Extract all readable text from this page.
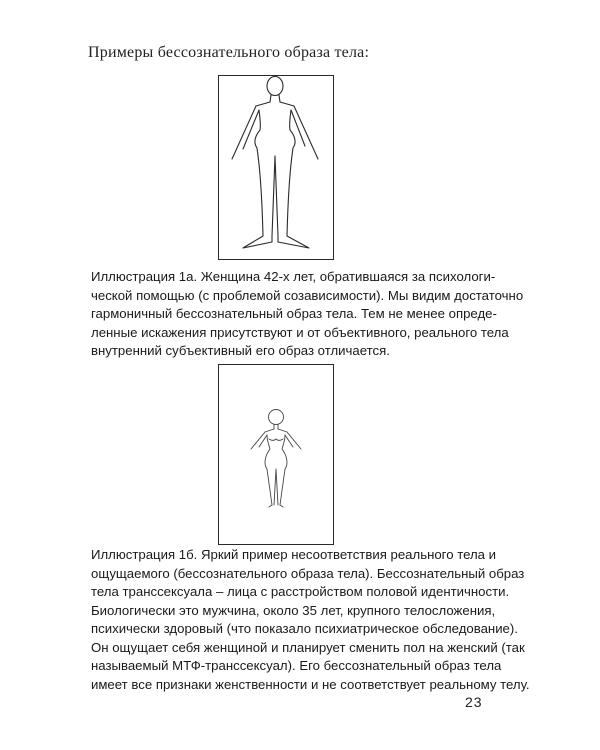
Примеры бессознательного образа тела:
Иллюстрация 1а. Женщина 42-х лет, обратившаяся за психологи-
ческой помощью (с проблемой созависимости). Мы видим достаточно
гармоничный бессознательный образ тела. Тем не менее опреде-
ленные искажения присутствуют и от объективного, реального тела
внутренний субъективный его образ отличается.
Иллюстрация 1б. Яркий пример несоответствия реального тела и
ощущаемого (бессознательного образа тела). Бессознательный образ
тела транссексуала – лица с расстройством половой идентичности.
Биологически это мужчина, около 35 лет, крупного телосложения,
психически здоровый (что показало психиатрическое обследование).
Он ощущает себя женщиной и планирует сменить пол на женский (так
называемый МТФ-транссексуал). Его бессознательный образ тела
имеет все признаки женственности и не соответствует реальному телу.
23
